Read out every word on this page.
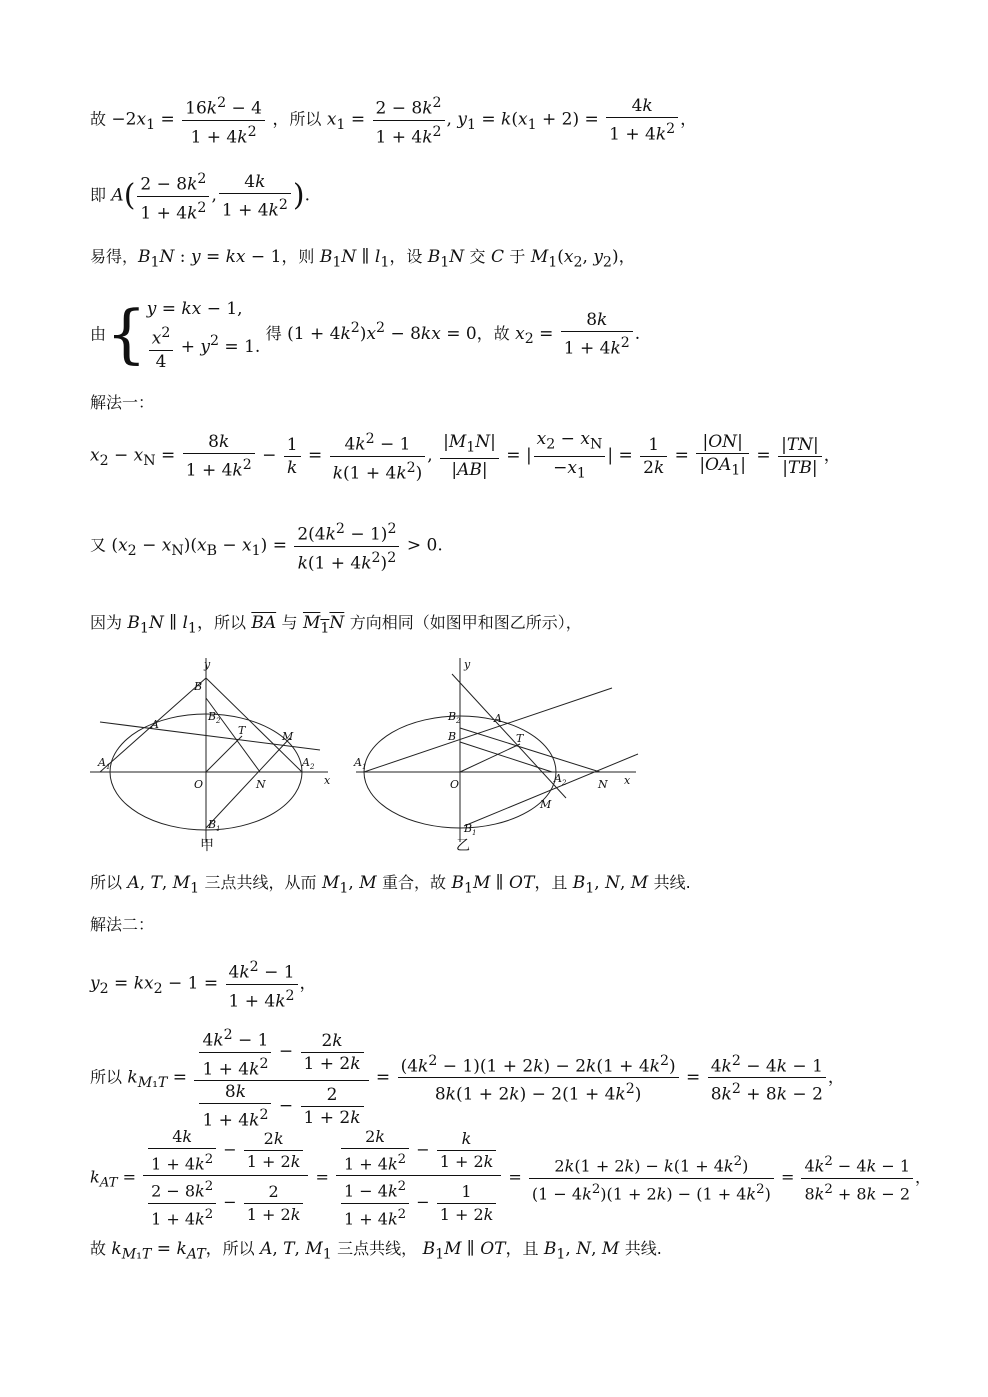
故 $-2x_1 = \frac{16k^2 - 4}{1 + 4k^2}$ ，所以 $x_1 = \frac{2 - 8k^2}{1 + 4k^2}$ , $y_1 = k(x_1 + 2) = \frac{4k}{1 + 4k^2}$ ，
即 $A( \frac{2 - 8k^2}{1 + 4k^2}$ , $\frac{4k}{1 + 4k^2}$ ).
易得，$B_1N$ : y = kx − 1，则 $B_1N$ ∥ $l_1$，设 $B_1N$ 交 C 于 $M_1(x_2$, $y_2$)，
由{ y = kx − 1,
$\frac{x^2}{4} + y^2 = 1$.
得 $(1 + 4k^2)x^2 - 8kx = 0$，故 $x_2 = \frac{8k}{1 + 4k^2}$ .
解法一：
$x_2 - x_N = \frac{8k}{1 + 4k^2} - \frac{1}{k} = \frac{4k^2 - 1}{k(1 + 4k^2)}$ , $\frac{|M_1N|}{|AB|}$ = | $\frac{x_2 - x_N}{-x_1}$ | = $\frac{1}{2k} = \frac{|ON|}{|OA_1|} = \frac{|TN|}{|TB|}$ ，
又 $(x_2 - x_N)(x_B - x_1) = \frac{2(4k^2 - 1)^2}{k(1 + 4k^2)^2} > 0$.
因为 $B_1N$ ∥ $l_1$，所以 $\overline{BA}$ 与 $M_1N$ 方向相同（如图甲和图乙所示），
y
x
O	N
A
A 1	A 2
B
B 2
B 1
T	M
甲
y
x
O	N
A
A 1
A 2
B
B 2
B 1
T
M
乙
所以 A, T, $M_1$ 三点共线，从而 $M_1$, M 重合，故 $B_1M$ ∥ OT，且 $B_1$, N, M 共线.
解法二：
$y_2 = kx_2 - 1 = \frac{4k^2 - 1}{1 + 4k^2}$ ，
所以 $k_{M_1T} = \frac{\frac{4k^2 - 1}{1 + 4k^2} - \frac{2k}{1 + 2k}}{\frac{8k}{1 + 4k^2} - \frac{2}{1 + 2k}} = \frac{(4k^2 - 1)(1 + 2k) - 2k(1 + 4k^2)}{8k(1 + 2k) - 2(1 + 4k^2)} = \frac{4k^2 - 4k - 1}{8k^2 + 8k - 2}$ ，
$k_{AT} = \frac{\frac{4k}{1 + 4k^2} - \frac{2k}{1 + 2k}}{\frac{2 - 8k^2}{1 + 4k^2} - \frac{2}{1 + 2k}} = \frac{\frac{2k}{1 + 4k^2} - \frac{k}{1 + 2k}}{\frac{1 - 4k^2}{1 + 4k^2} - \frac{1}{1 + 2k}} = \frac{2k(1 + 2k) - k(1 + 4k^2)}{(1 - 4k^2)(1 + 2k) - (1 + 4k^2)} = \frac{4k^2 - 4k - 1}{8k^2 + 8k - 2}$ ，
故 $k_{M_1T} = k_{AT}$，所以 A, T, $M_1$ 三点共线， $B_1M$ ∥ OT，且 $B_1$, N, M 共线.
